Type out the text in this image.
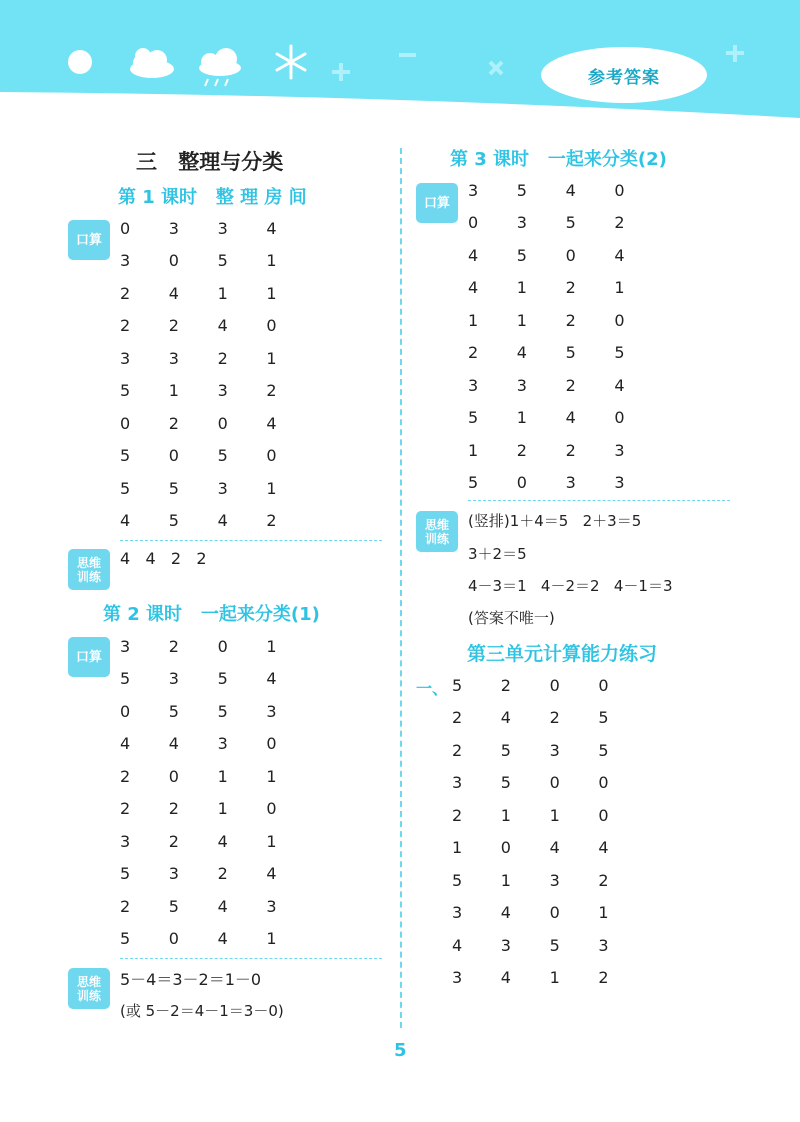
参考答案
三 整理与分类
第 1 课时   整 理 房 间
口算
0	3	3	4
3	0	5	1
2	4	1	1
2	2	4	0
3	3	2	1
5	1	3	2
0	2	0	4
5	0	5	0
5	5	3	1
4	5	4	2
思维
训练
4   4   2   2
第 2 课时   一起来分类(1)
口算
3	2	0	1
5	3	5	4
0	5	5	3
4	4	3	0
2	0	1	1
2	2	1	0
3	2	4	1
5	3	2	4
2	5	4	3
5	0	4	1
思维
训练
5－4＝3－2＝1－0
(或 5－2＝4－1＝3－0)
第 3 课时   一起来分类(2)
口算
3	5	4	0
0	3	5	2
4	5	0	4
4	1	2	1
1	1	2	0
2	4	5	5
3	3	2	4
5	1	4	0
1	2	2	3
5	0	3	3
思维
训练
(竖排)1＋4＝5   2＋3＝5
3＋2＝5
4－3＝1   4－2＝2   4－1＝3
(答案不唯一)
第三单元计算能力练习
一、 5	2	0	0
2	4	2	5
2	5	3	5
3	5	0	0
2	1	1	0
1	0	4	4
5	1	3	2
3	4	0	1
4	3	5	3
3	4	1	2
5
